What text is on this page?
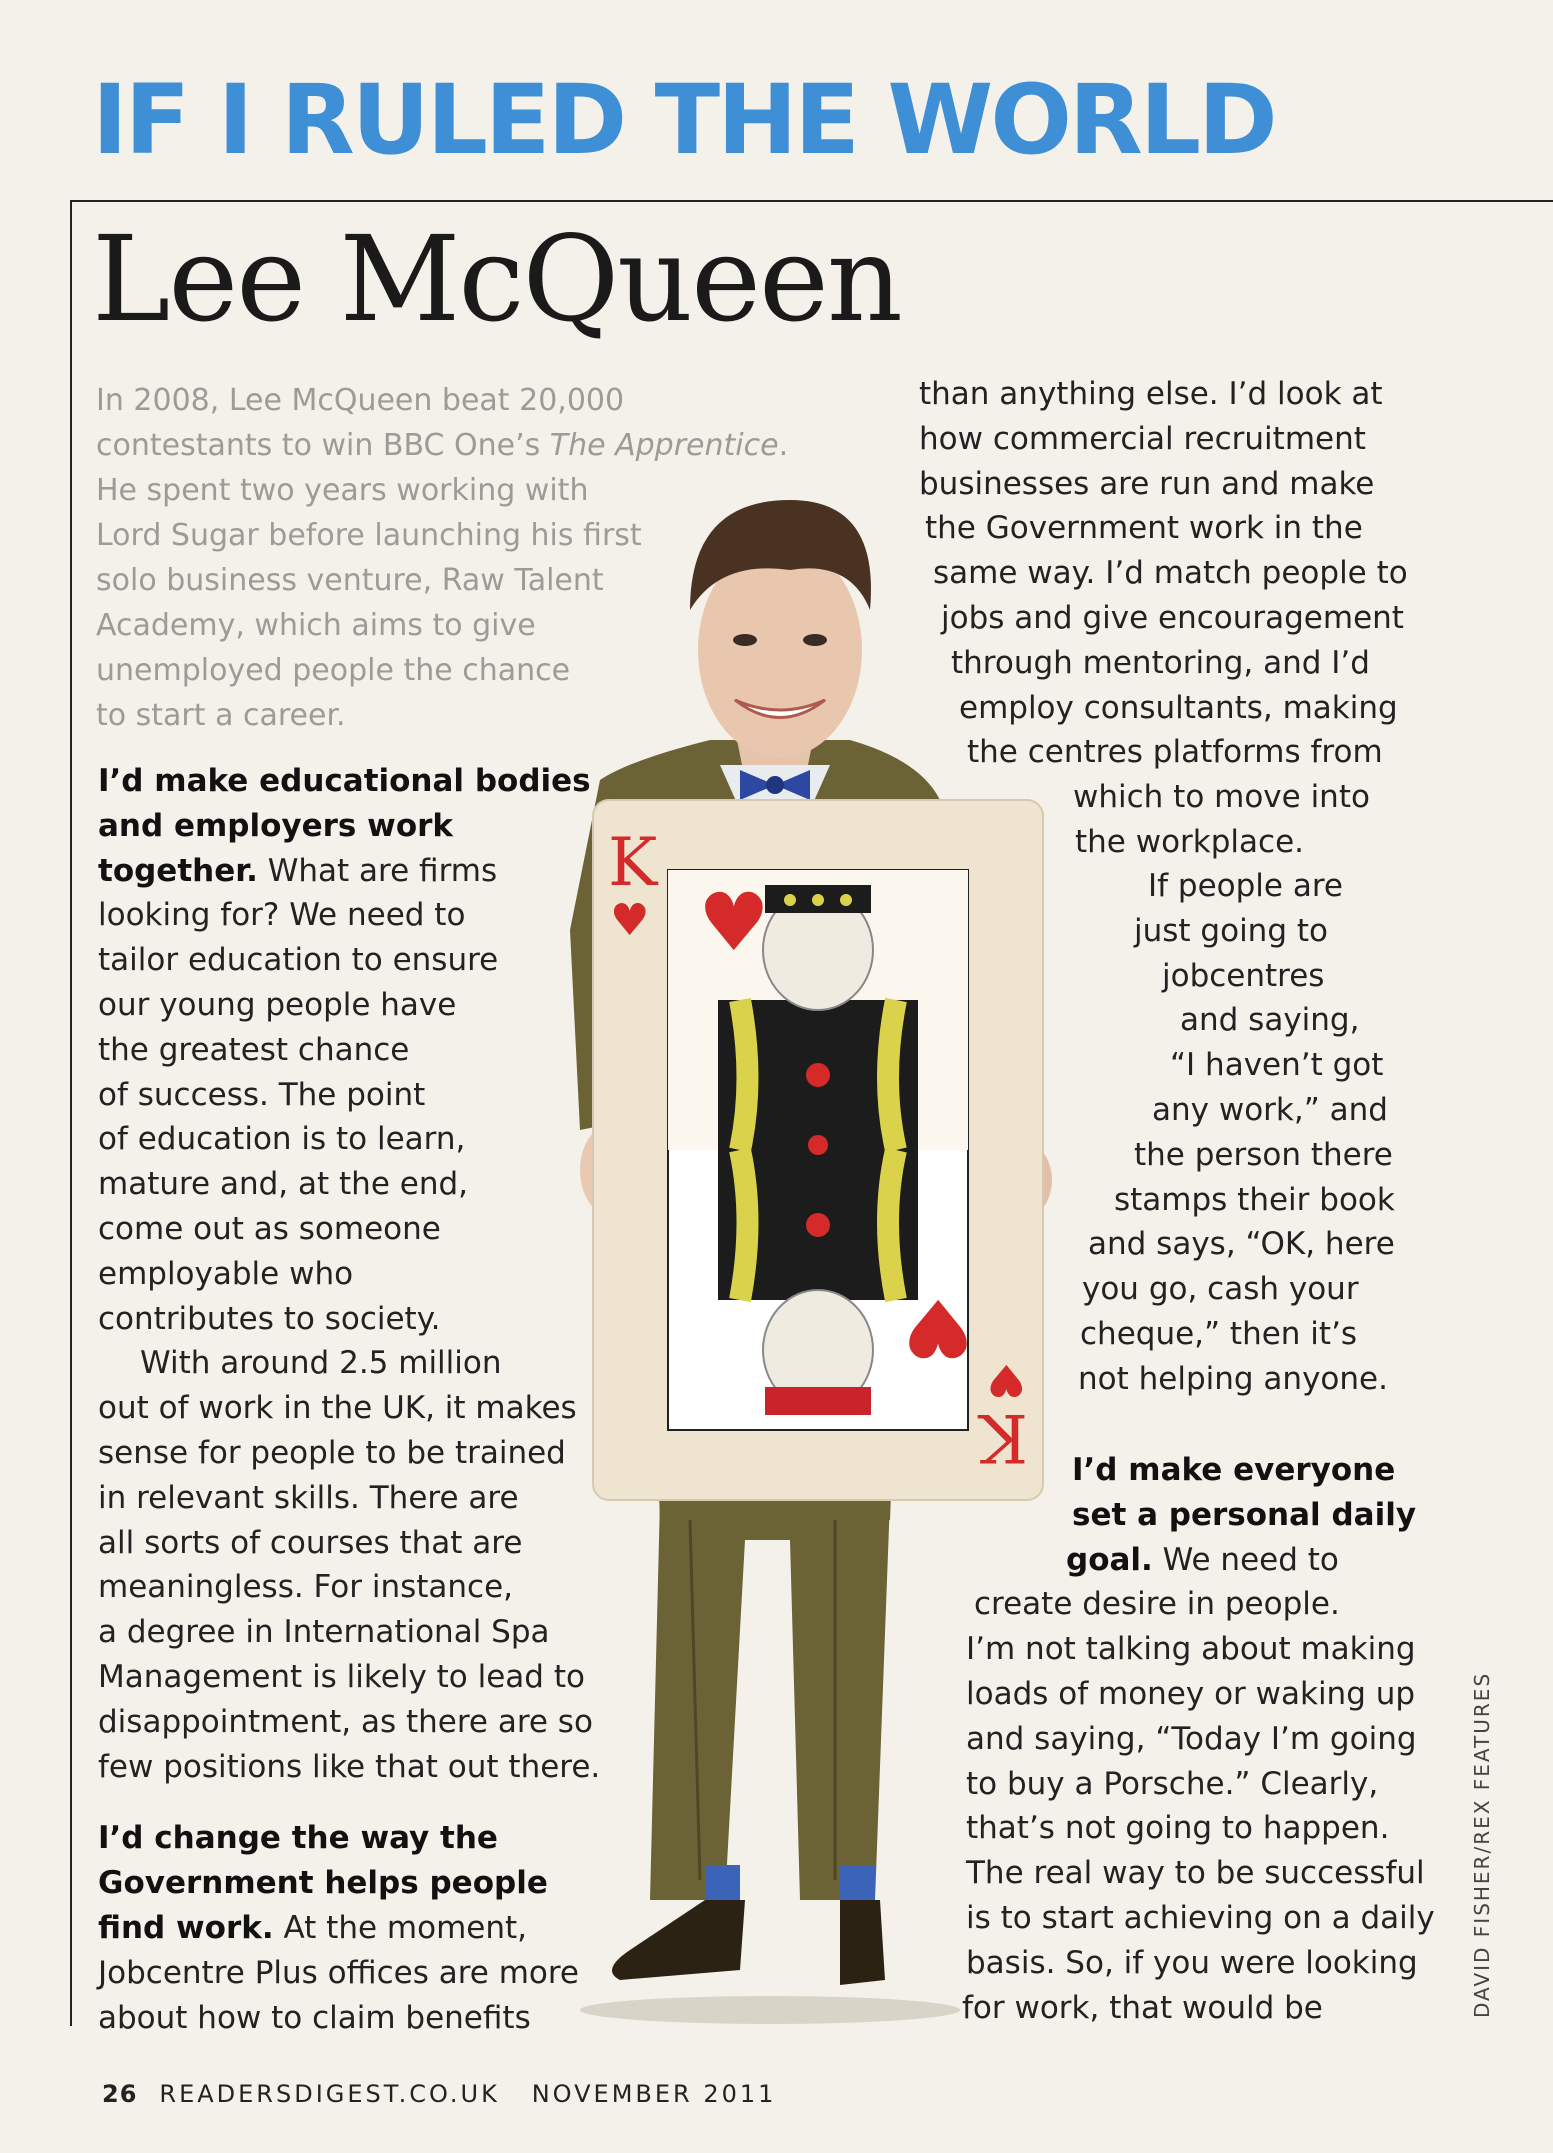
IF I RULED THE WORLD
Lee McQueen
In 2008, Lee McQueen beat 20,000
contestants to win BBC One’s The Apprentice.
He spent two years working with
Lord Sugar before launching his first
solo business venture, Raw Talent
Academy, which aims to give
unemployed people the chance
to start a career.
♥
♥
K
♥
K
♥
I’d make educational bodies
and employers work
together. What are firms
looking for? We need to
tailor education to ensure
our young people have
the greatest chance
of success. The point
of education is to learn,
mature and, at the end,
come out as someone
employable who
contributes to society.
With around 2.5 million
out of work in the UK, it makes
sense for people to be trained
in relevant skills. There are
all sorts of courses that are
meaningless. For instance,
a degree in International Spa
Management is likely to lead to
disappointment, as there are so
few positions like that out there.
I’d change the way the
Government helps people
find work. At the moment,
Jobcentre Plus offices are more
about how to claim benefits
than anything else. I’d look at
how commercial recruitment
businesses are run and make
the Government work in the
same way. I’d match people to
jobs and give encouragement
through mentoring, and I’d
employ consultants, making
the centres platforms from
which to move into
the workplace.
If people are
just going to
jobcentres
and saying,
“I haven’t got
any work,” and
the person there
stamps their book
and says, “OK, here
you go, cash your
cheque,” then it’s
not helping anyone.
I’d make everyone
set a personal daily
goal. We need to
create desire in people.
I’m not talking about making
loads of money or waking up
and saying, “Today I’m going
to buy a Porsche.” Clearly,
that’s not going to happen.
The real way to be successful
is to start achieving on a daily
basis. So, if you were looking
for work, that would be	DAVID FISHER/REX FEATURES
26 READERSDIGEST.CO.UK NOVEMBER 2011
